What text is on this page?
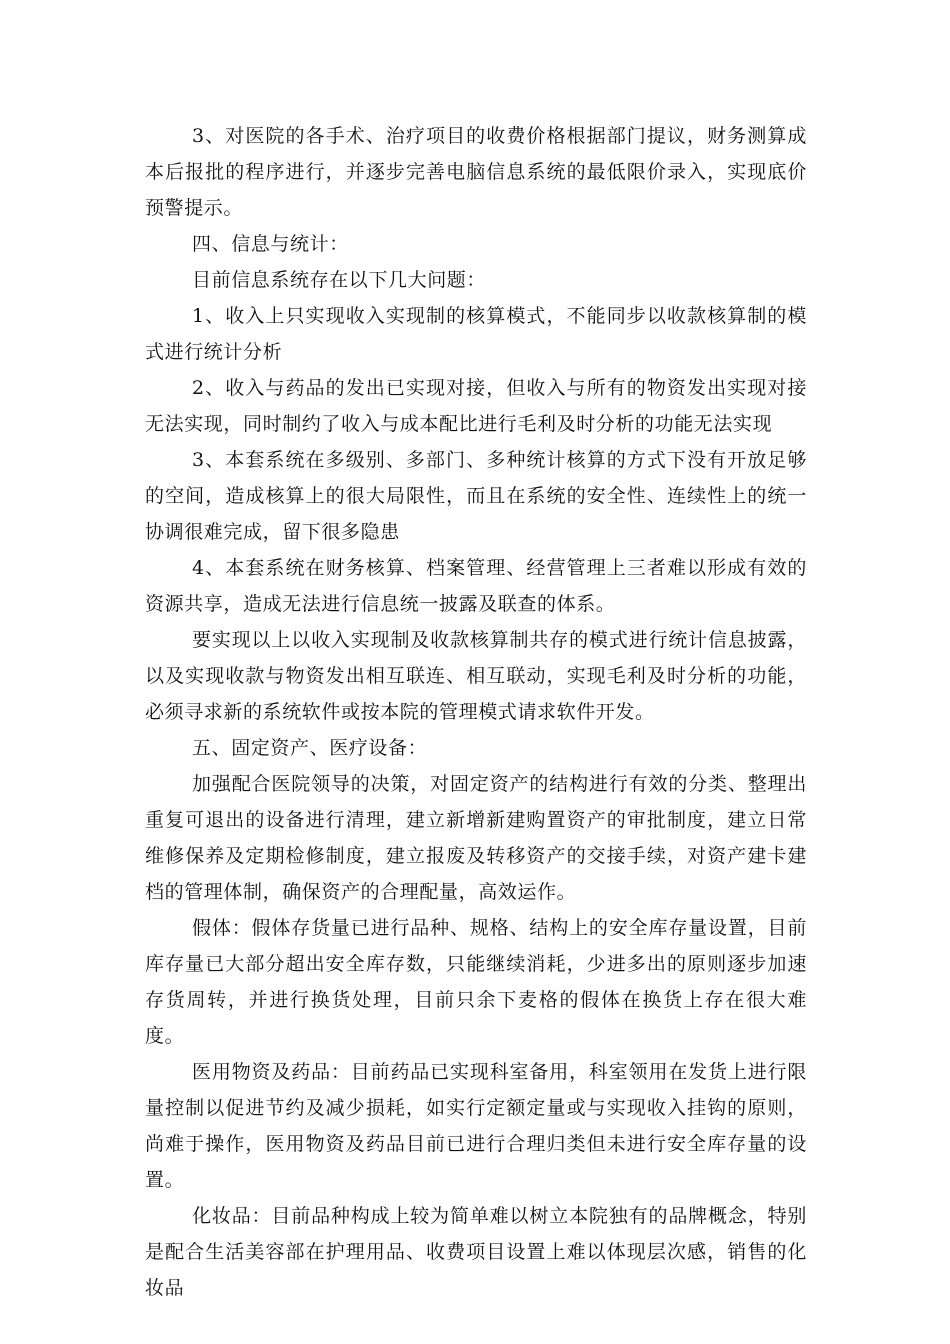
3、对医院的各手术、治疗项目的收费价格根据部门提议，财务测算成本后报批的程序进行，并逐步完善电脑信息系统的最低限价录入，实现底价预警提示。

四、信息与统计：

目前信息系统存在以下几大问题：

1、收入上只实现收入实现制的核算模式，不能同步以收款核算制的模式进行统计分析

2、收入与药品的发出已实现对接，但收入与所有的物资发出实现对接无法实现，同时制约了收入与成本配比进行毛利及时分析的功能无法实现

3、本套系统在多级别、多部门、多种统计核算的方式下没有开放足够的空间，造成核算上的很大局限性，而且在系统的安全性、连续性上的统一协调很难完成，留下很多隐患

4、本套系统在财务核算、档案管理、经营管理上三者难以形成有效的资源共享，造成无法进行信息统一披露及联查的体系。

要实现以上以收入实现制及收款核算制共存的模式进行统计信息披露，以及实现收款与物资发出相互联连、相互联动，实现毛利及时分析的功能，必须寻求新的系统软件或按本院的管理模式请求软件开发。

五、固定资产、医疗设备：

加强配合医院领导的决策，对固定资产的结构进行有效的分类、整理出重复可退出的设备进行清理，建立新增新建购置资产的审批制度，建立日常维修保养及定期检修制度，建立报废及转移资产的交接手续，对资产建卡建档的管理体制，确保资产的合理配量，高效运作。

假体：假体存货量已进行品种、规格、结构上的安全库存量设置，目前库存量已大部分超出安全库存数，只能继续消耗，少进多出的原则逐步加速存货周转，并进行换货处理，目前只余下麦格的假体在换货上存在很大难度。

医用物资及药品：目前药品已实现科室备用，科室领用在发货上进行限量控制以促进节约及减少损耗，如实行定额定量或与实现收入挂钩的原则，尚难于操作，医用物资及药品目前已进行合理归类但未进行安全库存量的设置。

化妆品：目前品种构成上较为简单难以树立本院独有的品牌概念，特别是配合生活美容部在护理用品、收费项目设置上难以体现层次感，销售的化妆品
